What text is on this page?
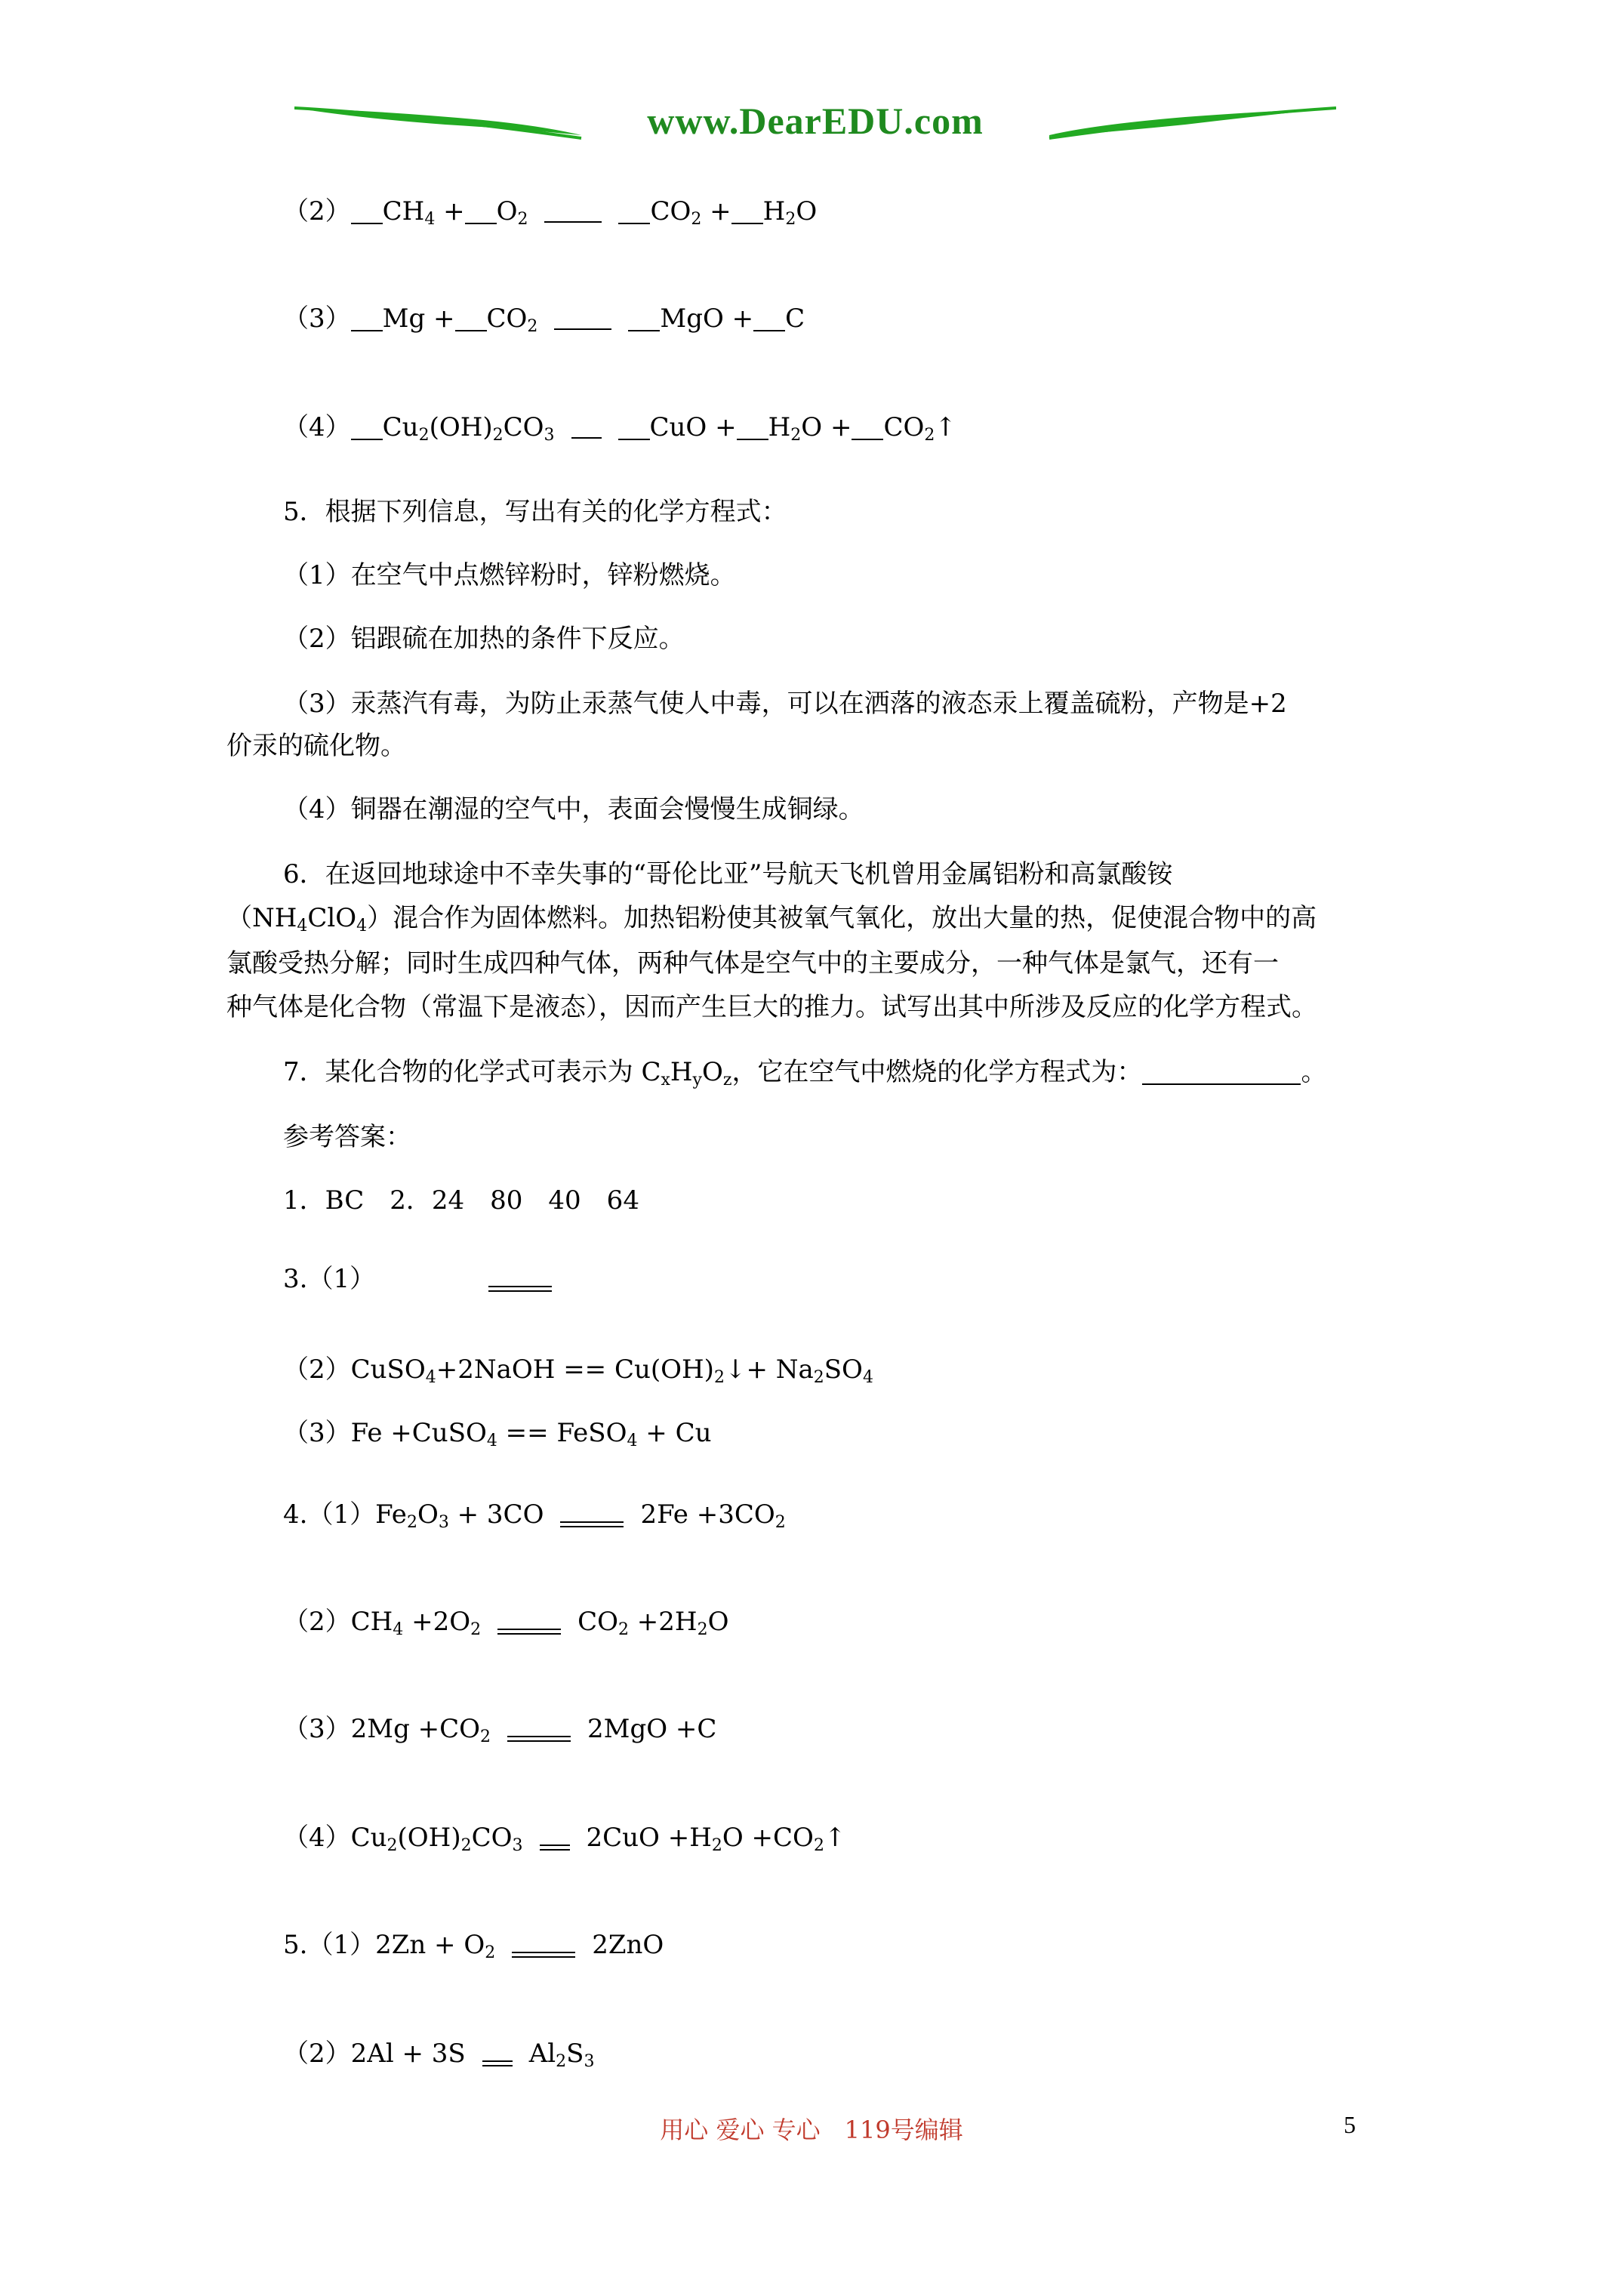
www.DearEDU.com
（2） $CH_4 + O_2$	$CO_2 + H_2O$
（3） $Mg + CO_2$	MgO + C
（4） $Cu_2(OH)_2CO_3$	CuO + $H_2O$ + $CO_2↑$
5．根据下列信息，写出有关的化学方程式：
（1）在空气中点燃锌粉时，锌粉燃烧。
（2）铝跟硫在加热的条件下反应。
（3）汞蒸汽有毒，为防止汞蒸气使人中毒，可以在洒落的液态汞上覆盖硫粉，产物是+2
价汞的硫化物。
（4）铜器在潮湿的空气中，表面会慢慢生成铜绿。
6．在返回地球途中不幸失事的“哥伦比亚”号航天飞机曾用金属铝粉和高氯酸铵
$(NH_4ClO_4)$混合作为固体燃料。加热铝粉使其被氧气氧化，放出大量的热，促使混合物中的高
氯酸受热分解；同时生成四种气体，两种气体是空气中的主要成分，一种气体是氯气，还有一
种气体是化合物（常温下是液态），因而产生巨大的推力。试写出其中所涉及反应的化学方程式。
7．某化合物的化学式可表示为 $C_xH_yO_z$，它在空气中燃烧的化学方程式为：	。
参考答案：
1．BC　2．24　80　40　64
3.（1）
（2）CuSO$_4$+2NaOH == $Cu(OH)_2↓+ Na_2SO_4$
（3）Fe +CuSO$_4$ == FeSO$_4$ + Cu
$4.(1)Fe_2O_3 + 3CO$	$2Fe +3CO_2$
$(2)CH_4 +2O_2$	$CO_2 +2H_2O$
$(3)2Mg +CO_2$	2MgO +C
$(4)Cu_2(OH)_2CO_3$ $2CuO +H_2O$ $+CO_2↑$
$5.(1)2Zn + O_2$	2ZnO
（2）2Al + 3S $Al_2S_3$
用心 爱心 专心　119号编辑	5
